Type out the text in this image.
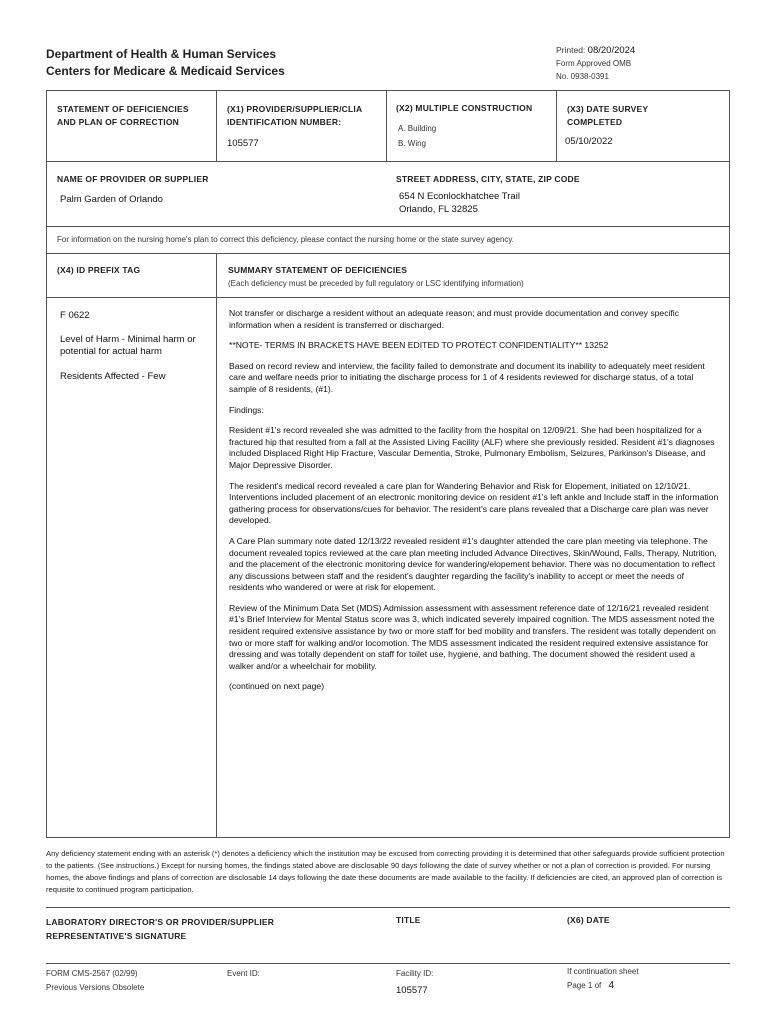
Department of Health & Human Services
Centers for Medicare & Medicaid Services
Printed: 08/20/2024
Form Approved OMB
No. 0938-0391
STATEMENT OF DEFICIENCIES
AND PLAN OF CORRECTION
(X1) PROVIDER/SUPPLIER/CLIA
IDENTIFICATION NUMBER:
105577
(X2) MULTIPLE CONSTRUCTION
A. Building
B. Wing
(X3) DATE SURVEY
COMPLETED
05/10/2022
NAME OF PROVIDER OR SUPPLIER
Palm Garden of Orlando
STREET ADDRESS, CITY, STATE, ZIP CODE
654 N Econlockhatchee Trail
Orlando, FL 32825
For information on the nursing home's plan to correct this deficiency, please contact the nursing home or the state survey agency.
(X4) ID PREFIX TAG	SUMMARY STATEMENT OF DEFICIENCIES
(Each deficiency must be preceded by full regulatory or LSC identifying information)
F 0622
Level of Harm - Minimal harm or potential for actual harm
Residents Affected - Few
Not transfer or discharge a resident without an adequate reason; and must provide documentation and convey specific information when a resident is transferred or discharged.
**NOTE- TERMS IN BRACKETS HAVE BEEN EDITED TO PROTECT CONFIDENTIALITY** 13252
Based on record review and interview, the facility failed to demonstrate and document its inability to adequately meet resident care and welfare needs prior to initiating the discharge process for 1 of 4 residents reviewed for discharge status, of a total sample of 8 residents, (#1).
Findings:
Resident #1's record revealed she was admitted to the facility from the hospital on 12/09/21. She had been hospitalized for a fractured hip that resulted from a fall at the Assisted Living Facility (ALF) where she previously resided. Resident #1's diagnoses included Displaced Right Hip Fracture, Vascular Dementia, Stroke, Pulmonary Embolism, Seizures, Parkinson's Disease, and Major Depressive Disorder.
The resident's medical record revealed a care plan for Wandering Behavior and Risk for Elopement, initiated on 12/10/21. Interventions included placement of an electronic monitoring device on resident #1's left ankle and Include staff in the information gathering process for observations/cues for behavior. The resident's care plans revealed that a Discharge care plan was never developed.
A Care Plan summary note dated 12/13/22 revealed resident #1's daughter attended the care plan meeting via telephone. The document revealed topics reviewed at the care plan meeting included Advance Directives, Skin/Wound, Falls, Therapy, Nutrition, and the placement of the electronic monitoring device for wandering/elopement behavior. There was no documentation to reflect any discussions between staff and the resident's daughter regarding the facility's inability to accept or meet the needs of residents who wandered or were at risk for elopement.
Review of the Minimum Data Set (MDS) Admission assessment with assessment reference date of 12/16/21 revealed resident #1's Brief Interview for Mental Status score was 3, which indicated severely impaired cognition. The MDS assessment noted the resident required extensive assistance by two or more staff for bed mobility and transfers. The resident was totally dependent on two or more staff for walking and/or locomotion. The MDS assessment indicated the resident required extensive assistance for dressing and was totally dependent on staff for toilet use, hygiene, and bathing. The document showed the resident used a walker and/or a wheelchair for mobility.
(continued on next page)
Any deficiency statement ending with an asterisk (*) denotes a deficiency which the institution may be excused from correcting providing it is determined that other safeguards provide sufficient protection to the patients. (See instructions.) Except for nursing homes, the findings stated above are disclosable 90 days following the date of survey whether or not a plan of correction is provided. For nursing homes, the above findings and plans of correction are disclosable 14 days following the date these documents are made available to the facility. If deficiencies are cited, an approved plan of correction is requisite to continued program participation.
LABORATORY DIRECTOR'S OR PROVIDER/SUPPLIER
REPRESENTATIVE'S SIGNATURE
TITLE	(X6) DATE
FORM CMS-2567 (02/99)
Previous Versions Obsolete
Event ID:	Facility ID:
105577
If continuation sheet
Page 1 of 4
